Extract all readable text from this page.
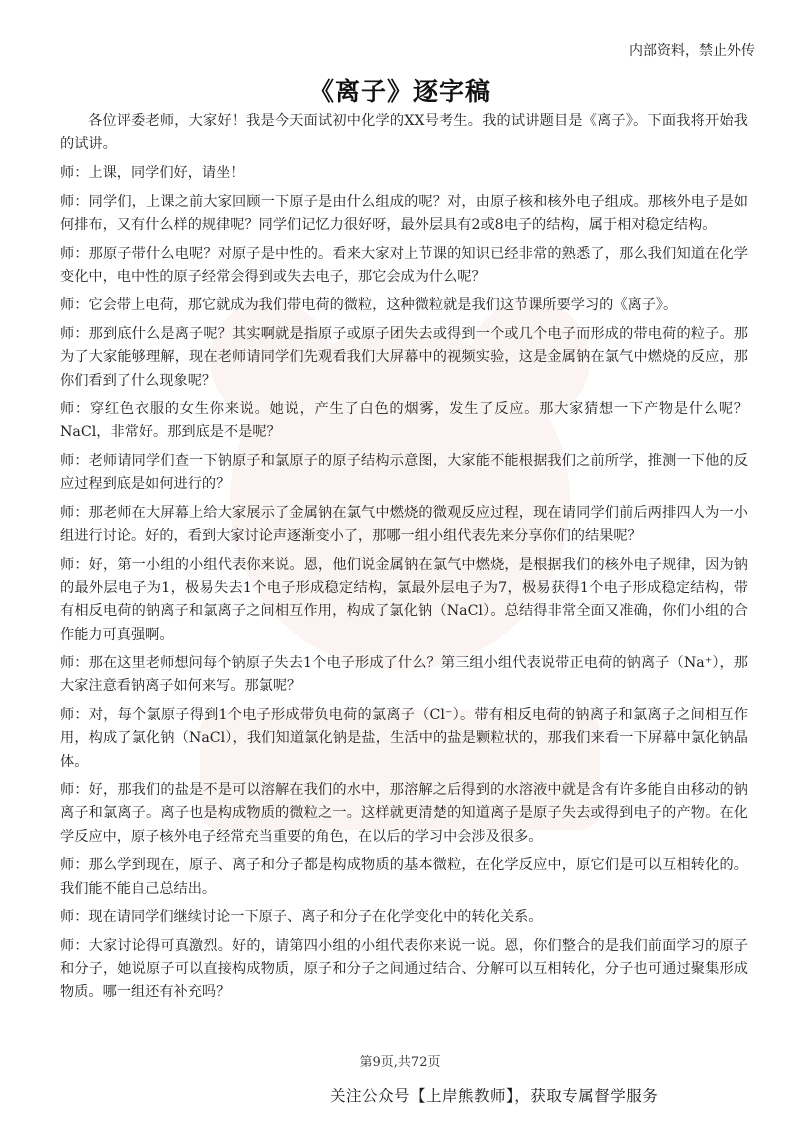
内部资料，禁止外传
《离子》逐字稿

各位评委老师，大家好！我是今天面试初中化学的XX号考生。我的试讲题目是《离子》。下面我将开始我的试讲。

师：上课，同学们好，请坐！

师：同学们，上课之前大家回顾一下原子是由什么组成的呢？对，由原子核和核外电子组成。那核外电子是如何排布，又有什么样的规律呢？同学们记忆力很好呀，最外层具有2或8电子的结构，属于相对稳定结构。

师：那原子带什么电呢？对原子是中性的。看来大家对上节课的知识已经非常的熟悉了，那么我们知道在化学变化中，电中性的原子经常会得到或失去电子，那它会成为什么呢？

师：它会带上电荷，那它就成为我们带电荷的微粒，这种微粒就是我们这节课所要学习的《离子》。

师：那到底什么是离子呢？其实啊就是指原子或原子团失去或得到一个或几个电子而形成的带电荷的粒子。那为了大家能够理解，现在老师请同学们先观看我们大屏幕中的视频实验，这是金属钠在氯气中燃烧的反应，那你们看到了什么现象呢？

师：穿红色衣服的女生你来说。她说，产生了白色的烟雾，发生了反应。那大家猜想一下产物是什么呢？NaCl，非常好。那到底是不是呢？

师：老师请同学们查一下钠原子和氯原子的原子结构示意图，大家能不能根据我们之前所学，推测一下他的反应过程到底是如何进行的？

师：那老师在大屏幕上给大家展示了金属钠在氯气中燃烧的微观反应过程，现在请同学们前后两排四人为一小组进行讨论。好的，看到大家讨论声逐渐变小了，那哪一组小组代表先来分享你们的结果呢？

师：好，第一小组的小组代表你来说。恩，他们说金属钠在氯气中燃烧，是根据我们的核外电子规律，因为钠的最外层电子为1，极易失去1个电子形成稳定结构，氯最外层电子为7，极易获得1个电子形成稳定结构，带有相反电荷的钠离子和氯离子之间相互作用，构成了氯化钠（NaCl）。总结得非常全面又准确，你们小组的合作能力可真强啊。

师：那在这里老师想问每个钠原子失去1个电子形成了什么？第三组小组代表说带正电荷的钠离子（Na⁺），那大家注意看钠离子如何来写。那氯呢？

师：对，每个氯原子得到1个电子形成带负电荷的氯离子（Cl⁻）。带有相反电荷的钠离子和氯离子之间相互作用，构成了氯化钠（NaCl），我们知道氯化钠是盐，生活中的盐是颗粒状的，那我们来看一下屏幕中氯化钠晶体。

师：好，那我们的盐是不是可以溶解在我们的水中，那溶解之后得到的水溶液中就是含有许多能自由移动的钠离子和氯离子。离子也是构成物质的微粒之一。这样就更清楚的知道离子是原子失去或得到电子的产物。在化学反应中，原子核外电子经常充当重要的角色，在以后的学习中会涉及很多。

师：那么学到现在，原子、离子和分子都是构成物质的基本微粒，在化学反应中，原它们是可以互相转化的。我们能不能自己总结出。

师：现在请同学们继续讨论一下原子、离子和分子在化学变化中的转化关系。

师：大家讨论得可真激烈。好的，请第四小组的小组代表你来说一说。恩，你们整合的是我们前面学习的原子和分子，她说原子可以直接构成物质，原子和分子之间通过结合、分解可以互相转化，分子也可通过聚集形成物质。哪一组还有补充吗？

第9页,共72页
关注公众号【上岸熊教师】，获取专属督学服务
